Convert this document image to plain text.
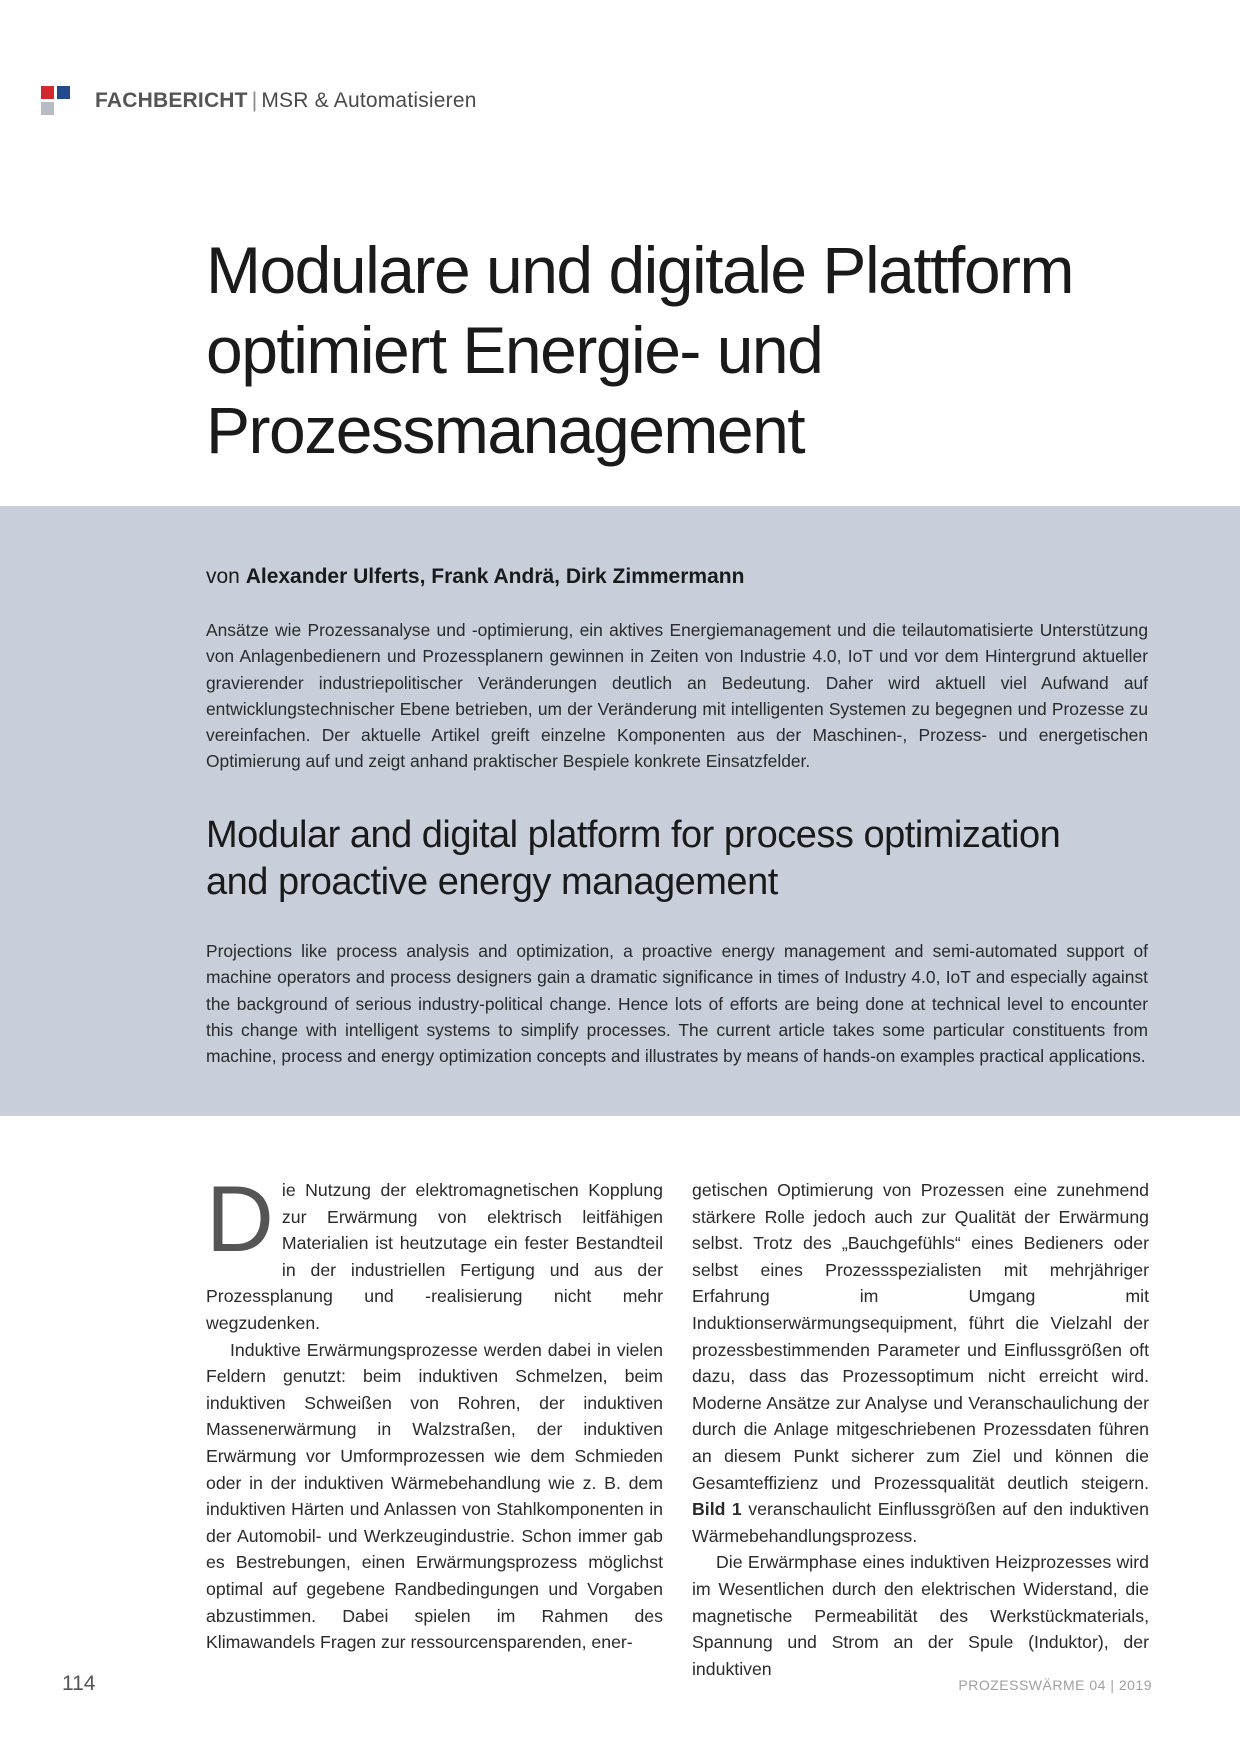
FACHBERICHT | MSR & Automatisieren
Modulare und digitale Plattform
optimiert Energie- und
Prozessmanagement
von Alexander Ulferts, Frank Andrä, Dirk Zimmermann

Ansätze wie Prozessanalyse und -optimierung, ein aktives Energiemanagement und die teilautomatisierte Unterstützung von Anlagenbedienern und Prozessplanern gewinnen in Zeiten von Industrie 4.0, IoT und vor dem Hintergrund aktueller gravierender industriepolitischer Veränderungen deutlich an Bedeutung. Daher wird aktuell viel Aufwand auf entwicklungstechnischer Ebene betrieben, um der Veränderung mit intelligenten Systemen zu begegnen und Prozesse zu vereinfachen. Der aktuelle Artikel greift einzelne Komponenten aus der Maschinen-, Prozess- und energetischen Optimierung auf und zeigt anhand praktischer Bespiele konkrete Einsatzfelder.

Modular and digital platform for process optimization
and proactive energy management

Projections like process analysis and optimization, a proactive energy management and semi-automated support of machine operators and process designers gain a dramatic significance in times of Industry 4.0, IoT and especially against the background of serious industry-political change. Hence lots of efforts are being done at technical level to encounter this change with intelligent systems to simplify processes. The current article takes some particular constituents from machine, process and energy optimization concepts and illustrates by means of hands-on examples practical applications.

Die Nutzung der elektromagnetischen Kopplung zur Erwärmung von elektrisch leitfähigen Materialien ist heutzutage ein fester Bestandteil in der industriellen Fertigung und aus der Prozessplanung und -realisierung nicht mehr wegzudenken.

Induktive Erwärmungsprozesse werden dabei in vielen Feldern genutzt: beim induktiven Schmelzen, beim induktiven Schweißen von Rohren, der induktiven Massenerwärmung in Walzstraßen, der induktiven Erwärmung vor Umformprozessen wie dem Schmieden oder in der induktiven Wärmebehandlung wie z. B. dem induktiven Härten und Anlassen von Stahlkomponenten in der Automobil- und Werkzeugindustrie. Schon immer gab es Bestrebungen, einen Erwärmungsprozess möglichst optimal auf gegebene Randbedingungen und Vorgaben abzustimmen. Dabei spielen im Rahmen des Klimawandels Fragen zur ressourcensparenden, ener-

getischen Optimierung von Prozessen eine zunehmend stärkere Rolle jedoch auch zur Qualität der Erwärmung selbst. Trotz des „Bauchgefühls“ eines Bedieners oder selbst eines Prozessspezialisten mit mehrjähriger Erfahrung im Umgang mit Induktionserwärmungsequipment, führt die Vielzahl der prozessbestimmenden Parameter und Einflussgrößen oft dazu, dass das Prozessoptimum nicht erreicht wird. Moderne Ansätze zur Analyse und Veranschaulichung der durch die Anlage mitgeschriebenen Prozessdaten führen an diesem Punkt sicherer zum Ziel und können die Gesamteffizienz und Prozessqualität deutlich steigern. Bild 1 veranschaulicht Einflussgrößen auf den induktiven Wärmebehandlungsprozess.

Die Erwärmphase eines induktiven Heizprozesses wird im Wesentlichen durch den elektrischen Widerstand, die magnetische Permeabilität des Werkstückmaterials, Spannung und Strom an der Spule (Induktor), der induktiven

114	PROZESSWÄRME 04 | 2019
